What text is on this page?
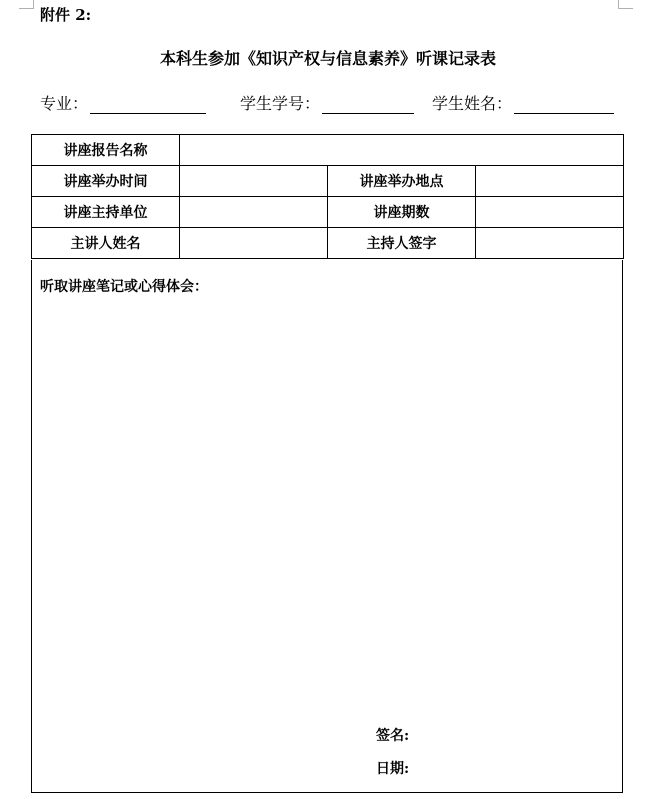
附件 2:
本科生参加《知识产权与信息素养》听课记录表
专业：	学生学号：	学生姓名：
讲座报告名称			
讲座举办时间		讲座举办地点	
讲座主持单位		讲座期数	
主讲人姓名		主持人签字	
听取讲座笔记或心得体会：
签名:
日期:
